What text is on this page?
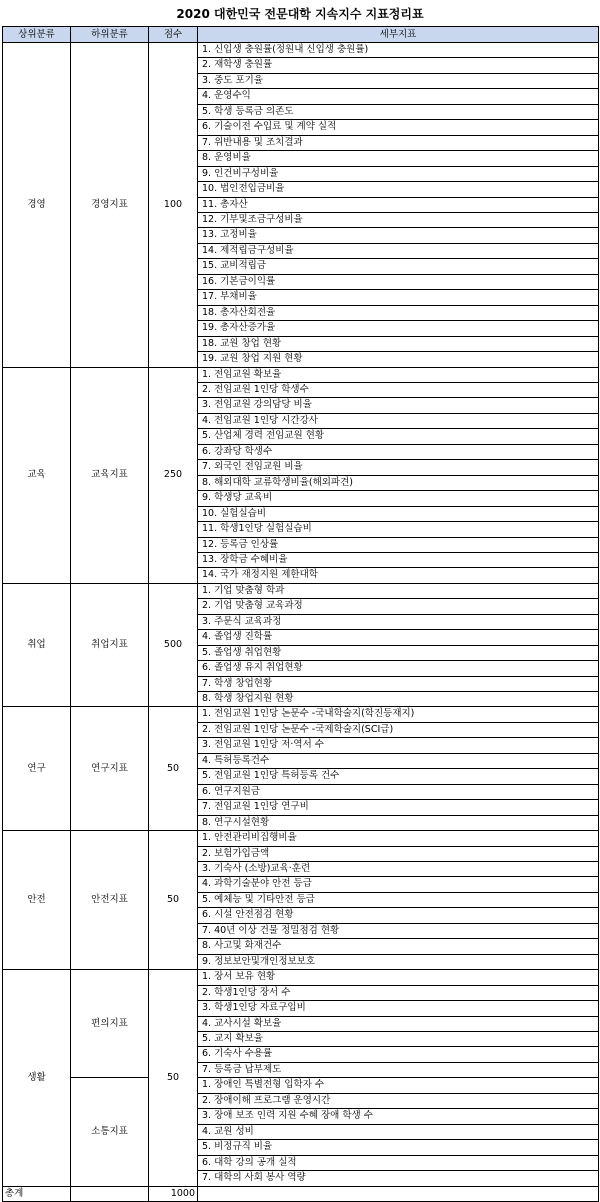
2020 대한민국 전문대학 지속지수 지표정리표
상위분류	하위분류	점수	세부지표
경영	경영지표	100	1. 신입생 충원률(정원내 신입생 충원률)
			2. 재학생 충원률
			3. 중도 포기율
			4. 운영수익
			5. 학생 등록금 의존도
			6. 기술이전 수입료 및 계약 실적
			7. 위반내용 및 조치결과
			8. 운영비율
			9. 인건비구성비율
			10. 법인전입금비율
			11. 총자산
			12. 기부및조금구성비율
			13. 고정비율
			14. 제적립금구성비율
			15. 교비적립금
			16. 기본금이익률
			17. 부채비율
			18. 총자산회전율
			19. 총자산증가율
			18. 교원 창업 현황
			19. 교원 창업 지원 현황
교육	교육지표	250	1. 전임교원 확보율
			2. 전임교원 1인당 학생수
			3. 전임교원 강의담당 비율
			4. 전임교원 1인당 시간강사
			5. 산업체 경력 전임교원 현황
			6. 강좌당 학생수
			7. 외국인 전임교원 비율
			8. 해외대학 교류학생비율(해외파견)
			9. 학생당 교육비
			10. 실험실습비
			11. 학생1인당 실험실습비
			12. 등록금 인상률
			13. 장학금 수혜비율
			14. 국가 재정지원 제한대학
취업	취업지표	500	1. 기업 맞춤형 학과
			2. 기업 맞춤형 교육과정
			3. 주문식 교육과정
			4. 졸업생 진학률
			5. 졸업생 취업현황
			6. 졸업생 유지 취업현황
			7. 학생 창업현황
			8. 학생 창업지원 현황
연구	연구지표	50	1. 전임교원 1인당 논문수 -국내학술지(학진등재지)
			2. 전임교원 1인당 논문수 -국제학술지(SCI급)
			3. 전임교원 1인당 저·역서 수
			4. 특허등록건수
			5. 전임교원 1인당 특허등록 건수
			6. 연구지원금
			7. 전임교원 1인당 연구비
			8. 연구시설현황
안전	안전지표	50	1. 안전관리비집행비율
			2. 보험가입금액
			3. 기숙사 (소방)교육·훈련
			4. 과학기술분야 안전 등급
			5. 예체능 및 기타안전 등급
			6. 시설 안전점검 현황
			7. 40년 이상 건물 정밀점검 현황
			8. 사고및 화재건수
			9. 정보보안및개인정보보호
생활	편의지표	50	1. 장서 보유 현황
			2. 학생1인당 장서 수
			3. 학생1인당 자료구입비
			4. 교사시설 확보율
			5. 교지 확보율
			6. 기숙사 수용률
			7. 등록금 납부제도
	소통지표		1. 장애인 특별전형 입학자 수
			2. 장애이해 프로그램 운영시간
			3. 장애 보조 인력 지원 수혜 장애 학생 수
			4. 교원 성비
			5. 비정규직 비율
			6. 대학 강의 공개 실적
			7. 대학의 사회 봉사 역량
총계		1000	
